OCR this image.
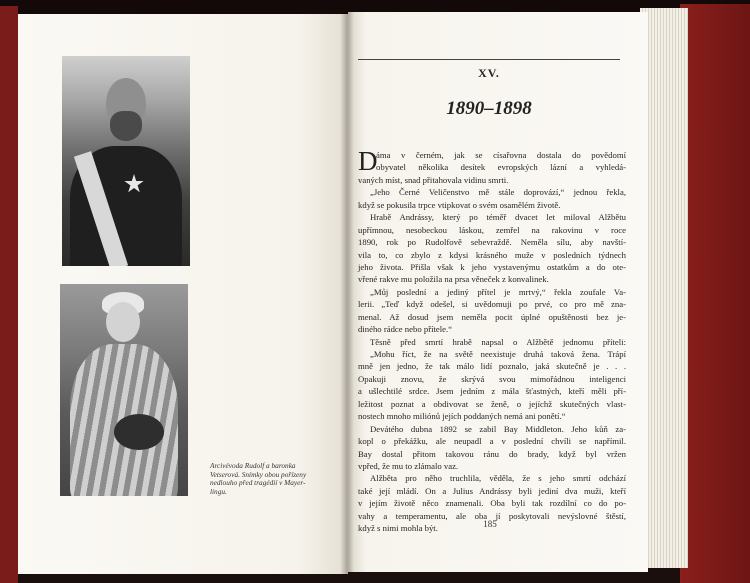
Arcivévoda Rudolf a baronka
Vetserová. Snímky obou pořízeny
nedlouho před tragédií v Mayer-
lingu.
XV.
1890–1898
D
áma v černém, jak se císařovna dostala do povědomí
obyvatel několika desítek evropských lázní a vyhledá-
vaných míst, snad přitahovala vidinu smrti.
„Jeho Černé Veličenstvo mě stále doprovází,“ jednou řekla,
když se pokusila trpce vtipkovat o svém osamělém životě.
Hrabě Andrássy, který po téměř dvacet let miloval Alžbětu
upřímnou, nesobeckou láskou, zemřel na rakovinu v roce
1890, rok po Rudolfově sebevraždě. Neměla sílu, aby navští-
vila to, co zbylo z kdysi krásného muže v posledních týdnech
jeho života. Přišla však k jeho vystavenýmu ostatkům a do ote-
vřené rakve mu položila na prsa věneček z konvalinek.
„Můj poslední a jediný přítel je mrtvý,“ řekla zoufale Va-
lerii. „Teď když odešel, si uvědomuji po prvé, co pro mě zna-
menal. Až dosud jsem neměla pocit úplné opuštěnosti bez je-
diného rádce nebo přítele.“
Těsně před smrtí hrabě napsal o Alžbětě jednomu příteli:
„Mohu říct, že na světě neexistuje druhá taková žena. Trápí
mně jen jedno, že tak málo lidí poznalo, jaká skutečně je . . .
Opakuji znovu, že skrývá svou mimořádnou inteligenci
a ušlechtilé srdce. Jsem jedním z mála šťastných, kteří měli pří-
ležitost poznat a obdivovat se ženě, o jejíchž skutečných vlast-
nostech mnoho miliónů jejích poddaných nemá ani ponětí.“
Devátého dubna 1892 se zabil Bay Middleton. Jeho kůň za-
kopl o překážku, ale neupadl a v poslední chvíli se napřímil.
Bay dostal přitom takovou ránu do brady, když byl vržen
vpřed, že mu to zlámalo vaz.
Alžběta pro něho truchlila, věděla, že s jeho smrtí odchází
také její mládí. On a Julius Andrássy byli jediní dva muži, kteří
v jejím životě něco znamenali. Oba byli tak rozdílní co do po-
vahy a temperamentu, ale oba jí poskytovali nevýslovné štěstí,
když s nimi mohla být.	185
